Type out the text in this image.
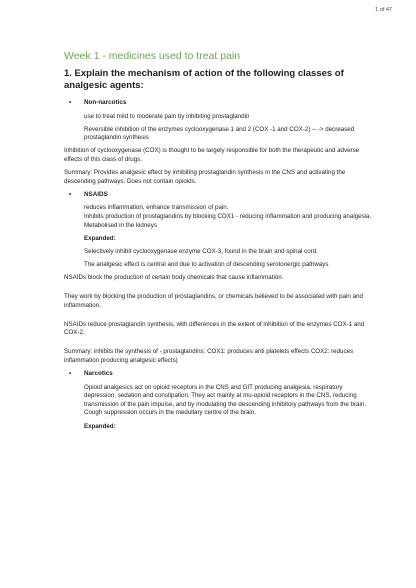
1 of 47
Week 1 - medicines used to treat pain
1. Explain the mechanism of action of the following classes of analgesic agents:
• Non-narcotics
use to treat mild to moderate pain by inhibiting prostaglandin
Reversible inhibition of the enzymes cyclooxygenase 1 and 2 (COX -1 and COX-2) -- -> decreased prostaglandin synthesis
Inhibition of cyclooxygenase (COX) is thought to be largely responsible for both the therapeutic and adverse effects of this class of drugs.
Summary: Provides analgesic effect by inhibiting prostaglandin synthesis in the CNS and activating the descending pathways. Does not contain opioids.
• NSAIDS
reduces inflammation, enhance transmission of pain.
Inhibits production of prostaglandins by blocking COX1 - reducing inflammation and producing analgesia. Metabolised in the kidneys
Expanded:
Selectively inhibit cyclooxygenase enzyme COX-3, found in the brain and spinal cord.
The analgesic effect is central and due to activation of descending serotonergic pathways
NSAIDs block the production of certain body chemicals that cause inflammation.
They work by blocking the production of prostaglandins, or chemicals believed to be associated with pain and inflammation.
NSAIDs reduce prostaglandin synthesis, with differences in the extent of inhibition of the enzymes COX-1 and COX-2.
Summary: inhibits the synthesis of - prostaglandins: COX1: produces anti platelets effects COX2: reduces inflammation producing analgesic effects)
• Narcotics
Opioid analgesics act on opioid receptors in the CNS and GIT producing analgesia, respiratory depression, sedation and constipation. They act mainly at mu-opioid receptors in the CNS, reducing transmission of the pain impulse, and by modulating the descending inhibitory pathways from the brain. Cough suppression occurs in the medullary centre of the brain.
Expanded:
